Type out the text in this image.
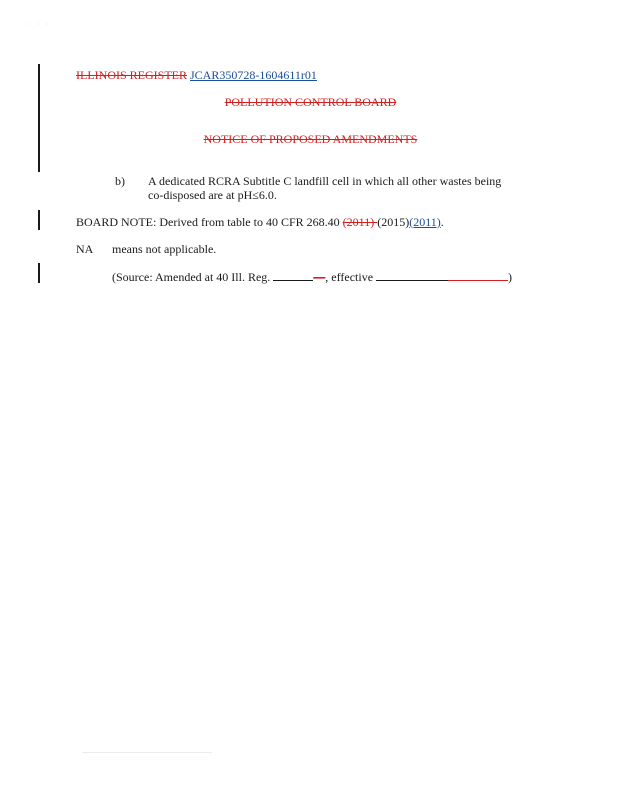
· · ·
ILLINOIS REGISTER JCAR350728-1604611r01
POLLUTION CONTROL BOARD
NOTICE OF PROPOSED AMENDMENTS
b) A dedicated RCRA Subtitle C landfill cell in which all other wastes being
co-disposed are at pH≤6.0.
BOARD NOTE: Derived from table to 40 CFR 268.40 (2011) (2015)(2011).
NA means not applicable.
(Source: Amended at 40 Ill. Reg.	—, effective	)
